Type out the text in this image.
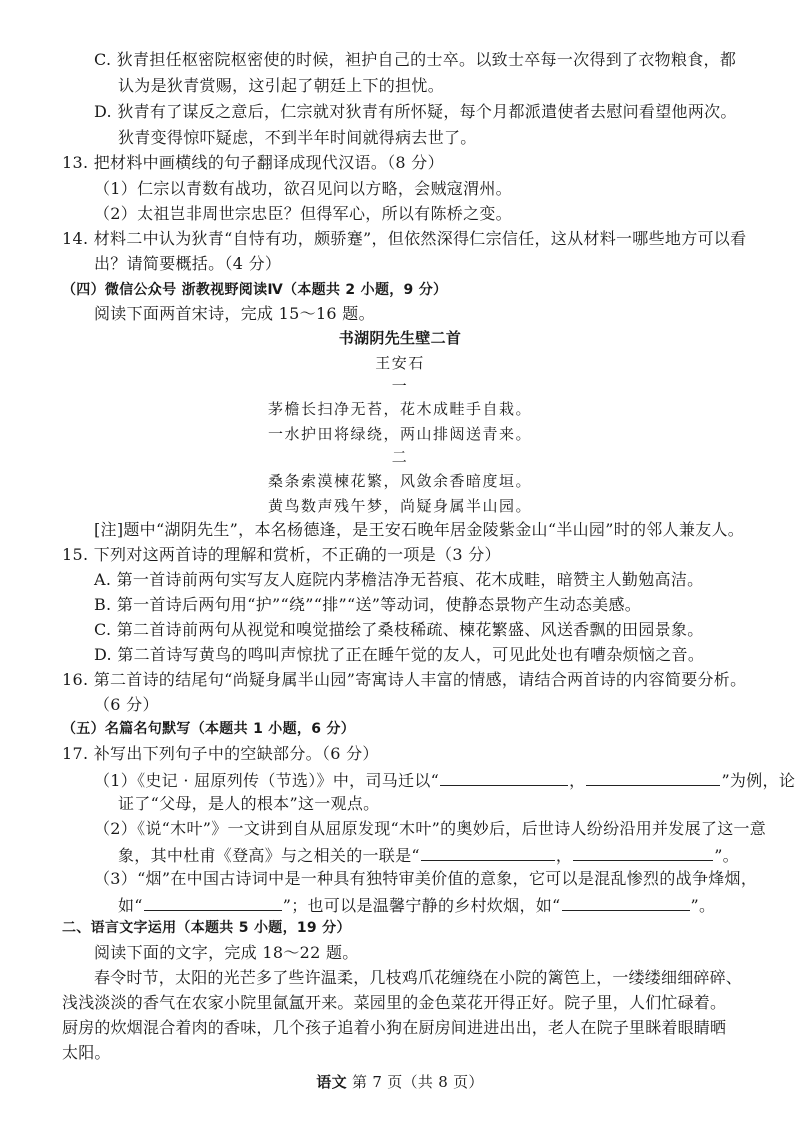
C. 狄青担任枢密院枢密使的时候，袒护自己的士卒。以致士卒每一次得到了衣物粮食，都
认为是狄青赏赐，这引起了朝廷上下的担忧。
D. 狄青有了谋反之意后，仁宗就对狄青有所怀疑，每个月都派遣使者去慰问看望他两次。
狄青变得惊吓疑虑，不到半年时间就得病去世了。
13. 把材料中画横线的句子翻译成现代汉语。（8 分）
（1）仁宗以青数有战功，欲召见问以方略，会贼寇渭州。
（2）太祖岂非周世宗忠臣？但得军心，所以有陈桥之变。
14. 材料二中认为狄青“自恃有功，颇骄蹇”，但依然深得仁宗信任，这从材料一哪些地方可以看
出？请简要概括。（4 分）
（四）微信公众号 浙教视野阅读Ⅳ（本题共 2 小题，9 分）
阅读下面两首宋诗，完成 15～16 题。
书湖阴先生壁二首
王安石
一
茅檐长扫净无苔，花木成畦手自栽。
一水护田将绿绕，两山排闼送青来。
二
桑条索漠楝花繁，风敛余香暗度垣。
黄鸟数声残午梦，尚疑身属半山园。
[注]题中“湖阴先生”，本名杨德逢，是王安石晚年居金陵紫金山“半山园”时的邻人兼友人。
15. 下列对这两首诗的理解和赏析，不正确的一项是（3 分）
A. 第一首诗前两句实写友人庭院内茅檐洁净无苔痕、花木成畦，暗赞主人勤勉高洁。
B. 第一首诗后两句用“护”“绕”“排”“送”等动词，使静态景物产生动态美感。
C. 第二首诗前两句从视觉和嗅觉描绘了桑枝稀疏、楝花繁盛、风送香飘的田园景象。
D. 第二首诗写黄鸟的鸣叫声惊扰了正在睡午觉的友人，可见此处也有嘈杂烦恼之音。
16. 第二首诗的结尾句“尚疑身属半山园”寄寓诗人丰富的情感，请结合两首诗的内容简要分析。
（6 分）
（五）名篇名句默写（本题共 1 小题，6 分）
17. 补写出下列句子中的空缺部分。（6 分）
（1）《史记 · 屈原列传（节选）》中，司马迁以“	，	”为例，论
证了“父母，是人的根本”这一观点。
（2）《说“木叶”》一文讲到自从屈原发现“木叶”的奥妙后，后世诗人纷纷沿用并发展了这一意
象，其中杜甫《登高》与之相关的一联是“	，	”。
（3）“烟”在中国古诗词中是一种具有独特审美价值的意象，它可以是混乱惨烈的战争烽烟，
如“	”；也可以是温馨宁静的乡村炊烟，如“	”。
二、语言文字运用（本题共 5 小题，19 分）
阅读下面的文字，完成 18～22 题。
春令时节，太阳的光芒多了些许温柔，几枝鸡爪花缠绕在小院的篱笆上，一缕缕细细碎碎、
浅浅淡淡的香气在农家小院里氤氲开来。菜园里的金色菜花开得正好。院子里，人们忙碌着。
厨房的炊烟混合着肉的香味，几个孩子追着小狗在厨房间进进出出，老人在院子里眯着眼睛晒
太阳。
语文 第 7 页（共 8 页）
